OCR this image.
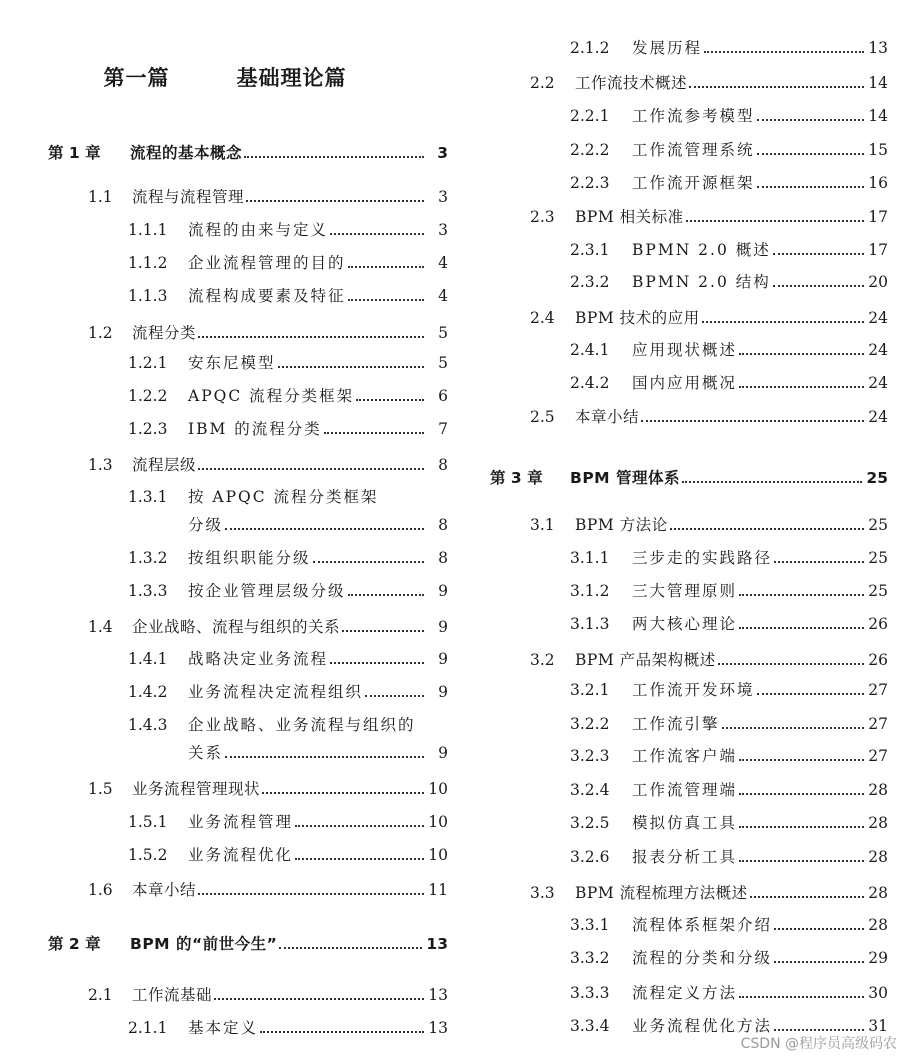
第一篇   基础理论篇
第 1 章	流程的基本概念	3
1.1	流程与流程管理	3
1.1.1	流程的由来与定义	3
1.1.2	企业流程管理的目的	4
1.1.3	流程构成要素及特征	4
1.2	流程分类	5
1.2.1	安东尼模型	5
1.2.2	APQC 流程分类框架	6
1.2.3	IBM 的流程分类	7
1.3	流程层级	8
1.3.1	按 APQC 流程分类框架
分级	8
1.3.2	按组织职能分级	8
1.3.3	按企业管理层级分级	9
1.4	企业战略、流程与组织的关系	9
1.4.1	战略决定业务流程	9
1.4.2	业务流程决定流程组织	9
1.4.3	企业战略、业务流程与组织的
关系	9
1.5	业务流程管理现状	10
1.5.1	业务流程管理	10
1.5.2	业务流程优化	10
1.6	本章小结	11
第 2 章	BPM 的“前世今生”	13
2.1	工作流基础	13
2.1.1	基本定义	13
2.1.2	发展历程	13
2.2	工作流技术概述	14
2.2.1	工作流参考模型	14
2.2.2	工作流管理系统	15
2.2.3	工作流开源框架	16
2.3	BPM 相关标准	17
2.3.1	BPMN 2.0 概述	17
2.3.2	BPMN 2.0 结构	20
2.4	BPM 技术的应用	24
2.4.1	应用现状概述	24
2.4.2	国内应用概况	24
2.5	本章小结	24
第 3 章	BPM 管理体系	25
3.1	BPM 方法论	25
3.1.1	三步走的实践路径	25
3.1.2	三大管理原则	25
3.1.3	两大核心理论	26
3.2	BPM 产品架构概述	26
3.2.1	工作流开发环境	27
3.2.2	工作流引擎	27
3.2.3	工作流客户端	27
3.2.4	工作流管理端	28
3.2.5	模拟仿真工具	28
3.2.6	报表分析工具	28
3.3	BPM 流程梳理方法概述	28
3.3.1	流程体系框架介绍	28
3.3.2	流程的分类和分级	29
3.3.3	流程定义方法	30
3.3.4	业务流程优化方法	31
CSDN @程序员高级码农
